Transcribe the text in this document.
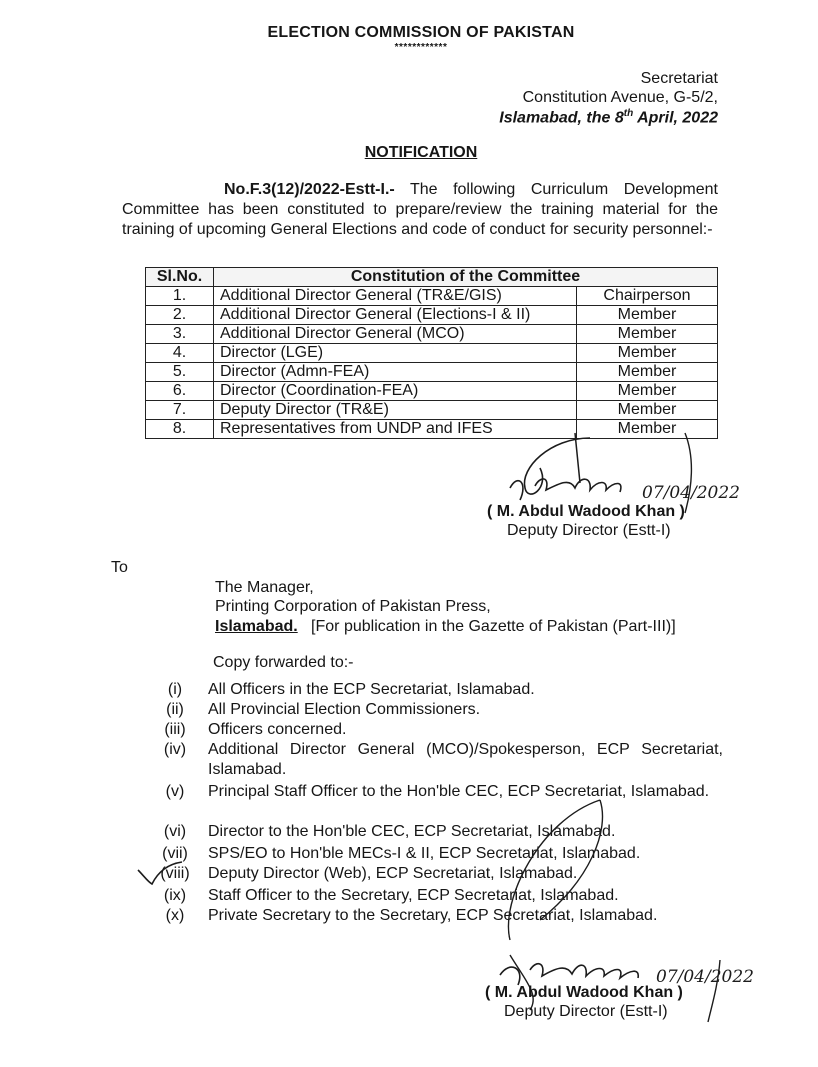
ELECTION COMMISSION OF PAKISTAN
************
Secretariat
Constitution Avenue, G-5/2,
Islamabad, the 8th April, 2022
NOTIFICATION
No.F.3(12)/2022-Estt-I.- The following Curriculum Development Committee has been constituted to prepare/review the training material for the training of upcoming General Elections and code of conduct for security personnel:-
Sl.No.	Constitution of the Committee	
1.	Additional Director General (TR&E/GIS)	Chairperson
2.	Additional Director General (Elections-I & II)	Member
3.	Additional Director General (MCO)	Member
4.	Director (LGE)	Member
5.	Director (Admn-FEA)	Member
6.	Director (Coordination-FEA)	Member
7.	Deputy Director (TR&E)	Member
8.	Representatives from UNDP and IFES	Member
07/04/2022
( M. Abdul Wadood Khan )
Deputy Director (Estt-I)
To
The Manager,
Printing Corporation of Pakistan Press,
Islamabad. [For publication in the Gazette of Pakistan (Part-III)]
Copy forwarded to:-
(i)	All Officers in the ECP Secretariat, Islamabad.
(ii)	All Provincial Election Commissioners.
(iii)	Officers concerned.
(iv)	Additional Director General (MCO)/Spokesperson, ECP Secretariat, Islamabad.
(v)	Principal Staff Officer to the Hon'ble CEC, ECP Secretariat, Islamabad.
(vi)	Director to the Hon'ble CEC, ECP Secretariat, Islamabad.
(vii)	SPS/EO to Hon'ble MECs-I & II, ECP Secretariat, Islamabad.
(viii)	Deputy Director (Web), ECP Secretariat, Islamabad.
(ix)	Staff Officer to the Secretary, ECP Secretariat, Islamabad.
(x)	Private Secretary to the Secretary, ECP Secretariat, Islamabad.
07/04/2022
( M. Abdul Wadood Khan )
Deputy Director (Estt-I)
